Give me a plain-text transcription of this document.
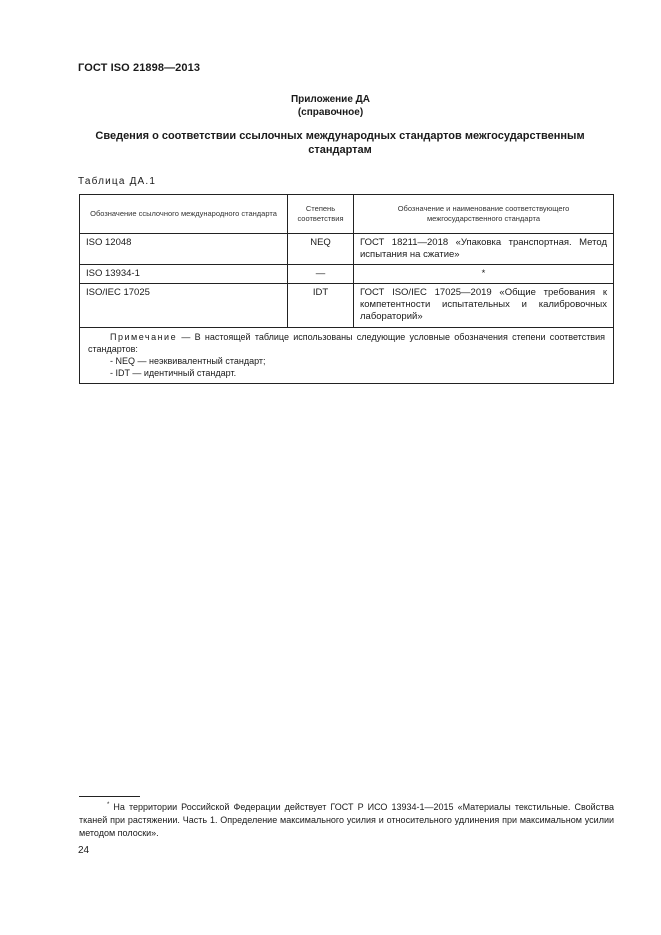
ГОСТ ISO 21898—2013
Приложение ДА
(справочное)
Сведения о соответствии ссылочных международных стандартов межгосударственным стандартам
Таблица ДА.1
Обозначение ссылочного международного стандарта	Степень соответствия	Обозначение и наименование соответствующего межгосударственного стандарта
ISO 12048	NEQ	ГОСТ 18211—2018 «Упаковка транспортная. Метод испытания на сжатие»
ISO 13934-1	—	*
ISO/IEC 17025	IDT	ГОСТ ISO/IEC 17025—2019 «Общие требования к компетентности испытательных и калибровочных лабораторий»

Примечание — В настоящей таблице использованы следующие условные обозначения степени соответствия стандартов:
- NEQ — неэквивалентный стандарт;
- IDT — идентичный стандарт.		
* На территории Российской Федерации действует ГОСТ Р ИСО 13934-1—2015 «Материалы текстильные. Свойства тканей при растяжении. Часть 1. Определение максимального усилия и относительного удлинения при максимальном усилии методом полоски».
24
